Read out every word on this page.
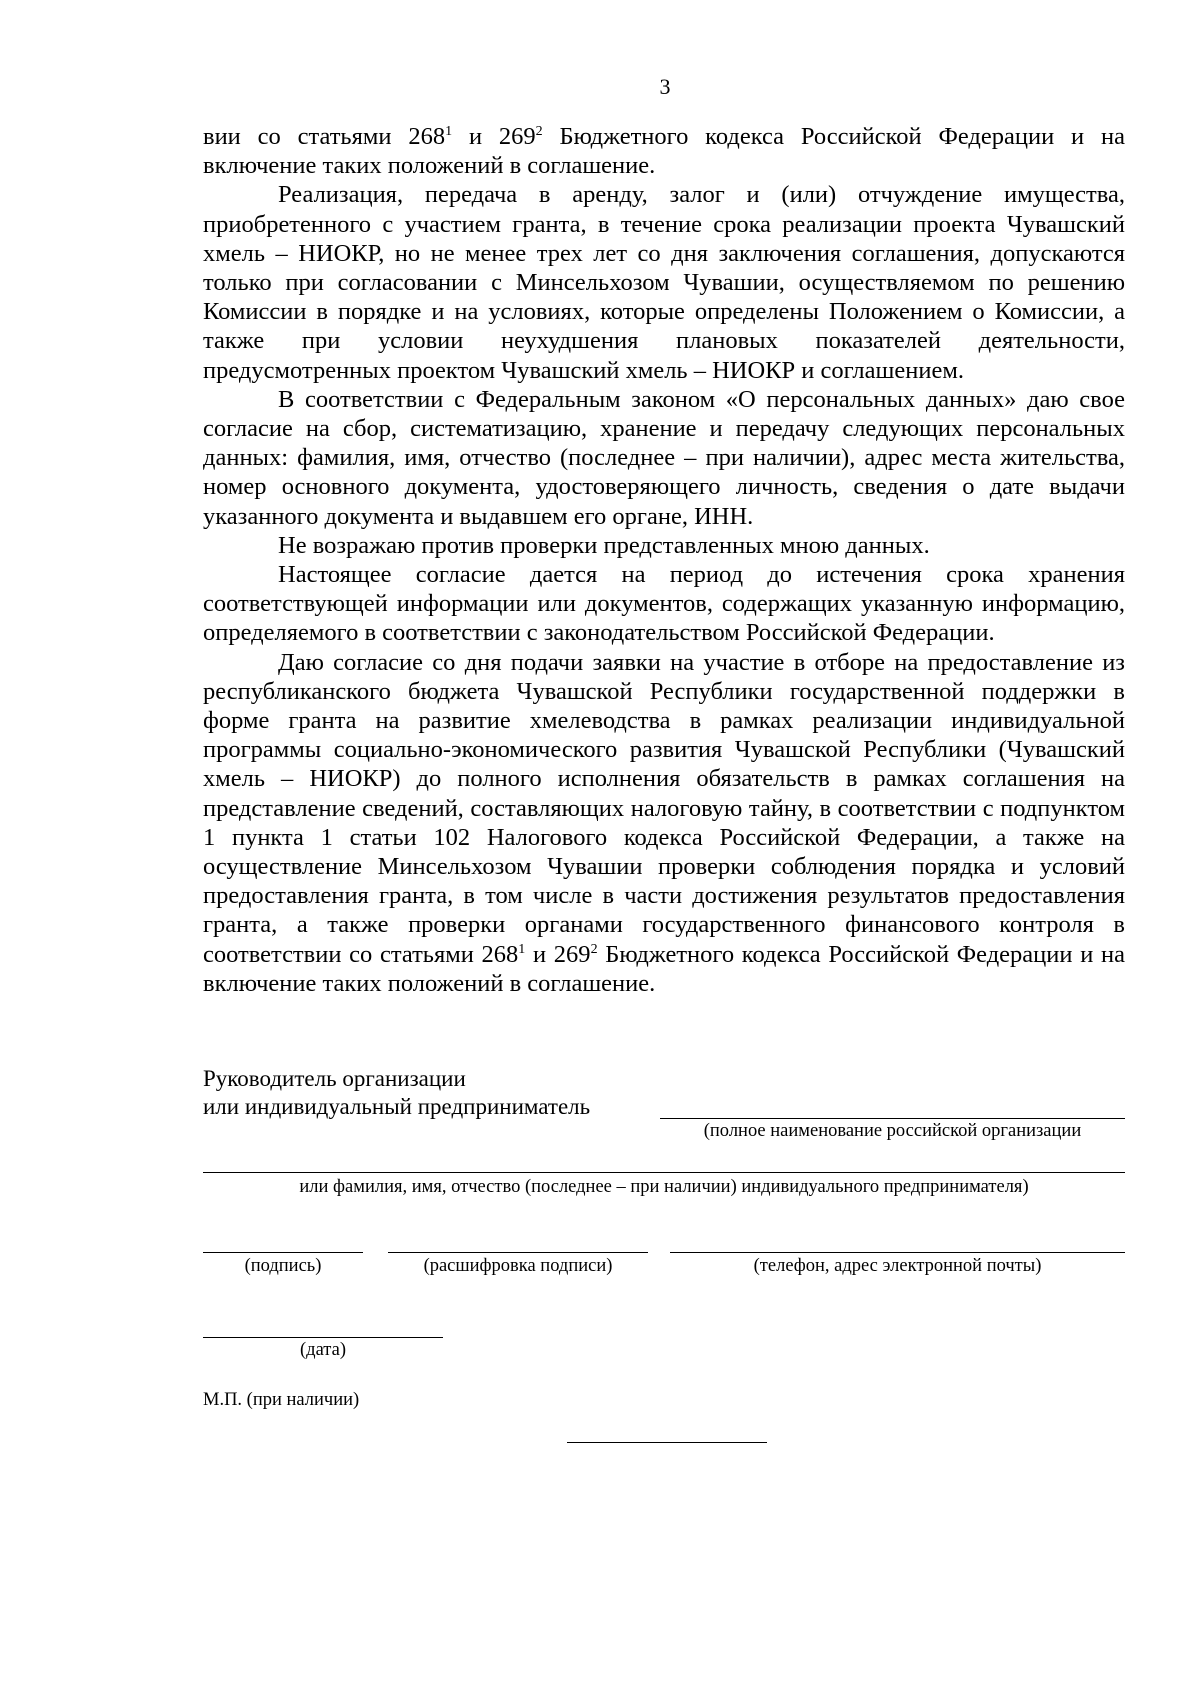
3

вии со статьями $268^1$ и $269^2$ Бюджетного кодекса Российской Федерации и на включение таких положений в соглашение.

Реализация, передача в аренду, залог и (или) отчуждение имущества, приобретенного с участием гранта, в течение срока реализации проекта Чувашский хмель – НИОКР, но не менее трех лет со дня заключения соглашения, допускаются только при согласовании с Минсельхозом Чувашии, осуществляемом по решению Комиссии в порядке и на условиях, которые определены Положением о Комиссии, а также при условии неухудшения плановых показателей деятельности, предусмотренных проектом Чувашский хмель – НИОКР и соглашением.

В соответствии с Федеральным законом «О персональных данных» даю свое согласие на сбор, систематизацию, хранение и передачу следующих персональных данных: фамилия, имя, отчество (последнее – при наличии), адрес места жительства, номер основного документа, удостоверяющего личность, сведения о дате выдачи указанного документа и выдавшем его органе, ИНН.

Не возражаю против проверки представленных мною данных.

Настоящее согласие дается на период до истечения срока хранения соответствующей информации или документов, содержащих указанную информацию, определяемого в соответствии с законодательством Российской Федерации.

Даю согласие со дня подачи заявки на участие в отборе на предоставление из республиканского бюджета Чувашской Республики государственной поддержки в форме гранта на развитие хмелеводства в рамках реализации индивидуальной программы социально-экономического развития Чувашской Республики (Чувашский хмель – НИОКР) до полного исполнения обязательств в рамках соглашения на представление сведений, составляющих налоговую тайну, в соответствии с подпунктом 1 пункта 1 статьи 102 Налогового кодекса Российской Федерации, а также на осуществление Минсельхозом Чувашии проверки соблюдения порядка и условий предоставления гранта, в том числе в части достижения результатов предоставления гранта, а также проверки органами государственного финансового контроля в соответствии со статьями $268^1$ и $269^2$ Бюджетного кодекса Российской Федерации и на включение таких положений в соглашение.

Руководитель организации
или индивидуальный предприниматель
(полное наименование российской организации
или фамилия, имя, отчество (последнее – при наличии) индивидуального предпринимателя)
(подпись)	(расшифровка подписи)	(телефон, адрес электронной почты)
(дата)
М.П. (при наличии)
